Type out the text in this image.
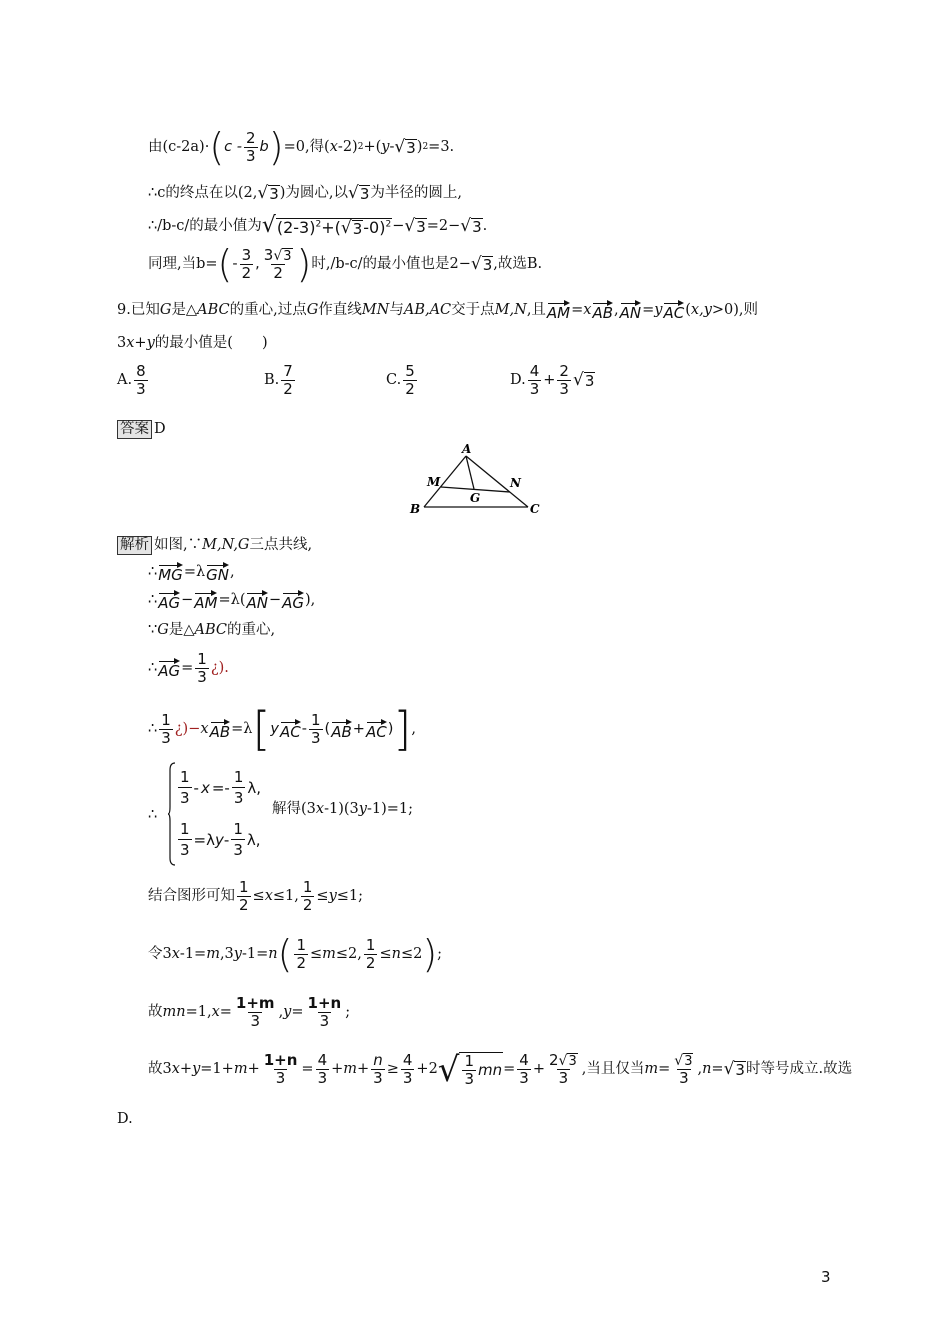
由(c-2a)· ( c -
2
3 b ) =0,得( x -2) 2 +( y - √ 3 ) 2 =3.
∴c的终点在以(2, √ 3 )为圆心,以 √ 3 为半径的圆上,
∴/b-c/的最小值为 √ $(2-3)^2+$( √ 3 -0)$^2$ − √ 3 =2− √ 3 .
同理,当b= ( -
3
2 ,
3 √ 3
2 ) 时,/b-c/的最小值也是2− √ 3 ,故选B.
9.已知 G 是△ ABC 的重心,过点 G 作直线 MN 与 AB,AC 交于点 M,N ,且 AM = x AB , AN = y AC ( x,y >0),则
3 x + y 的最小值是(　　)
A.
8
3	B.
7
2	C.
5
2	D.
4
$3 + \frac{2}{3}$ √ 3
答案 D
A
B	C
M	N
G
解析 如图,∵ M,N,G 三点共线,
∴ MG =λ GN ,
∴ AG − AM =λ( AN − AG ),
∵ G 是△ ABC 的重心,
∴ AG = $\frac{1}{3}$ ¿).
∴
1
3 ¿)− x AB =λ [ y AC -
1
3 ( AB + AC ) ] ,
∴
1
3
- x =-
1
3
λ,
$\frac{1}{3} =\lambda$ y -
1
3
λ,
解得(3 x -1)(3 y -1)=1;
结合图形可知 $\frac{1}{2} \le x \le 1$, $\frac{1}{2} \le y \le 1$;
令3 x -1= m ,3 y -1= n ( $\frac{1}{2} \le m \le 2$, $\frac{1}{2} \le n \le 2$ ) ;
故 mn =1, $x = \frac{1+m}{3}$ , $y = \frac{1+n}{3}$ ;
故3 $x + y =1+ m + \frac{1+n}{3} = \frac{4}{3} + m + \frac{n}{3} \ge \frac{4}{3} +2$ √ 1
3 mn = $\frac{4}{3} + \frac{2 √ 3}{3}$ ,当且仅当 $m = \frac{√ 3}{3}$ , n = √ 3 时等号成立.故选
D.
3
